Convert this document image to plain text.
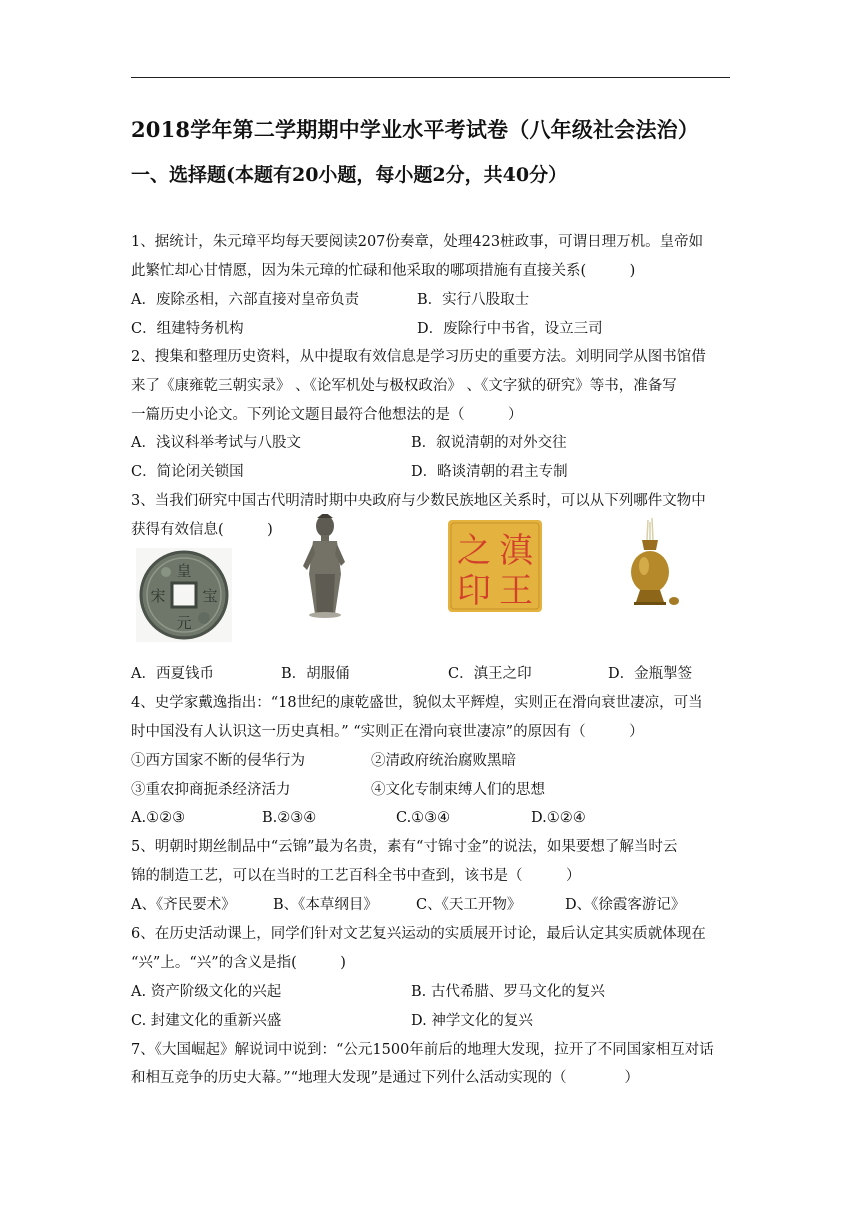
2018学年第二学期期中学业水平考试卷（八年级社会法治）
一、选择题(本题有20小题，每小题2分，共40分）
1、据统计，朱元璋平均每天要阅读207份奏章，处理423桩政事，可谓日理万机。皇帝如
此繁忙却心甘情愿，因为朱元璋的忙碌和他采取的哪项措施有直接关系(　　　)
A．废除丞相，六部直接对皇帝负责	B．实行八股取士
C．组建特务机构	D．废除行中书省，设立三司
2、搜集和整理历史资料，从中提取有效信息是学习历史的重要方法。刘明同学从图书馆借
来了《康雍乾三朝实录》 、《论军机处与极权政治》 、《文字狱的研究》等书，准备写
一篇历史小论文。下列论文题目最符合他想法的是（　　　）
A．浅议科举考试与八股文	B．叙说清朝的对外交往
C．简论闭关锁国	D．略谈清朝的君主专制
3、当我们研究中国古代明清时期中央政府与少数民族地区关系时，可以从下列哪件文物中
获得有效信息(　　　)
皇
元
宋 宝
滇
王
之
印
A．西夏钱币	B．胡服俑	C．滇王之印	D．金瓶掣签
4、史学家戴逸指出：“18世纪的康乾盛世，貌似太平辉煌，实则正在滑向衰世凄凉，可当
时中国没有人认识这一历史真相。” “实则正在滑向衰世凄凉”的原因有（　　　）
①西方国家不断的侵华行为	②清政府统治腐败黑暗
③重农抑商扼杀经济活力	④文化专制束缚人们的思想
A.①②③	B.②③④	C.①③④	D.①②④
5、明朝时期丝制品中“云锦”最为名贵，素有“寸锦寸金”的说法，如果要想了解当时云
锦的制造工艺，可以在当时的工艺百科全书中查到，该书是（　　　）
A、《齐民要术》	B、《本草纲目》	C、《天工开物》	D、《徐霞客游记》
6、在历史活动课上，同学们针对文艺复兴运动的实质展开讨论，最后认定其实质就体现在
“兴”上。“兴”的含义是指(　　　)
A. 资产阶级文化的兴起	B. 古代希腊、罗马文化的复兴
C. 封建文化的重新兴盛	D. 神学文化的复兴
7、《大国崛起》解说词中说到：“公元1500年前后的地理大发现，拉开了不同国家相互对话
和相互竞争的历史大幕。”“地理大发现”是通过下列什么活动实现的（　　　　）
